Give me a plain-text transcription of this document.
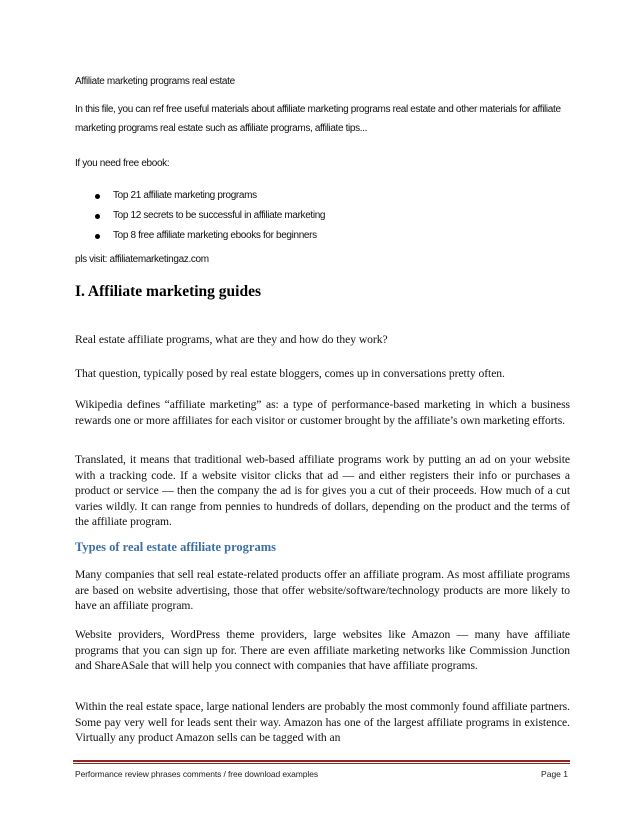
Affiliate marketing programs real estate

In this file, you can ref free useful materials about affiliate marketing programs real estate and other materials for affiliate marketing programs real estate such as affiliate programs, affiliate tips...

If you need free ebook:

Top 21 affiliate marketing programs
Top 12 secrets to be successful in affiliate marketing
Top 8 free affiliate marketing ebooks for beginners

pls visit: affiliatemarketingaz.com

I. Affiliate marketing guides

Real estate affiliate programs, what are they and how do they work?

That question, typically posed by real estate bloggers, comes up in conversations pretty often.

Wikipedia defines “affiliate marketing” as: a type of performance-based marketing in which a business rewards one or more affiliates for each visitor or customer brought by the affiliate’s own marketing efforts.

Translated, it means that traditional web-based affiliate programs work by putting an ad on your website with a tracking code. If a website visitor clicks that ad — and either registers their info or purchases a product or service — then the company the ad is for gives you a cut of their proceeds. How much of a cut varies wildly. It can range from pennies to hundreds of dollars, depending on the product and the terms of the affiliate program.

Types of real estate affiliate programs

Many companies that sell real estate-related products offer an affiliate program. As most affiliate programs are based on website advertising, those that offer website/software/technology products are more likely to have an affiliate program.

Website providers, WordPress theme providers, large websites like Amazon — many have affiliate programs that you can sign up for. There are even affiliate marketing networks like Commission Junction and ShareASale that will help you connect with companies that have affiliate programs.

Within the real estate space, large national lenders are probably the most commonly found affiliate partners. Some pay very well for leads sent their way. Amazon has one of the largest affiliate programs in existence. Virtually any product Amazon sells can be tagged with an

Performance review phrases comments / free download examples	Page 1
